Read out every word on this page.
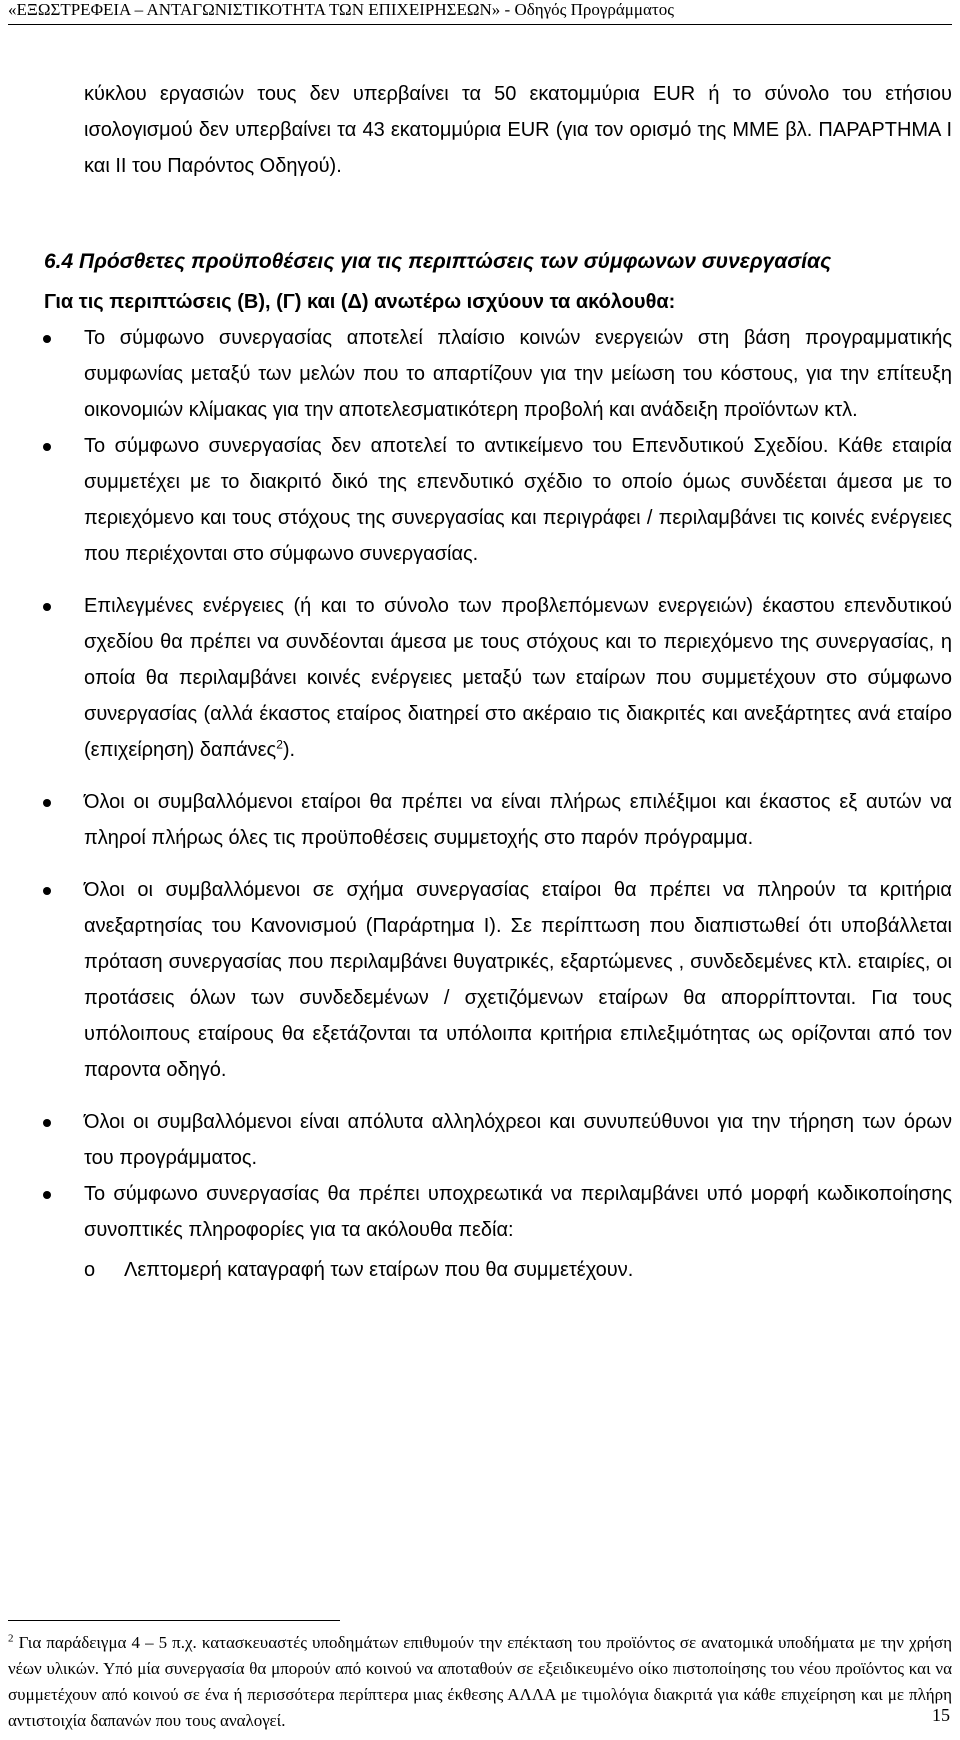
«ΕΞΩΣΤΡΕΦΕΙΑ – ΑΝΤΑΓΩΝΙΣΤΙΚΟΤΗΤΑ ΤΩΝ ΕΠΙΧΕΙΡΗΣΕΩΝ» - Οδηγός Προγράμματος

κύκλου εργασιών τους δεν υπερβαίνει τα 50 εκατομμύρια EUR ή το σύνολο του ετήσιου ισολογισμού δεν υπερβαίνει τα 43 εκατομμύρια EUR (για τον ορισμό της ΜΜΕ βλ. ΠΑΡΑΡΤΗΜΑ Ι και ΙΙ του Παρόντος Οδηγού).

6.4 Πρόσθετες προϋποθέσεις για τις περιπτώσεις των σύμφωνων συνεργασίας
Για τις περιπτώσεις (Β), (Γ) και (Δ) ανωτέρω ισχύουν τα ακόλουθα:
Το σύμφωνο συνεργασίας αποτελεί πλαίσιο κοινών ενεργειών στη βάση προγραμματικής συμφωνίας μεταξύ των μελών που το απαρτίζουν για την μείωση του κόστους, για την επίτευξη οικονομιών κλίμακας για την αποτελεσματικότερη προβολή και ανάδειξη προϊόντων κτλ.
Το σύμφωνο συνεργασίας δεν αποτελεί το αντικείμενο του Επενδυτικού Σχεδίου. Κάθε εταιρία συμμετέχει με το διακριτό δικό της επενδυτικό σχέδιο το οποίο όμως συνδέεται άμεσα με το περιεχόμενο και τους στόχους της συνεργασίας και περιγράφει / περιλαμβάνει τις κοινές ενέργειες που περιέχονται στο σύμφωνο συνεργασίας.
Επιλεγμένες ενέργειες (ή και το σύνολο των προβλεπόμενων ενεργειών) έκαστου επενδυτικού σχεδίου θα πρέπει να συνδέονται άμεσα με τους στόχους και το περιεχόμενο της συνεργασίας, η οποία θα περιλαμβάνει κοινές ενέργειες μεταξύ των εταίρων που συμμετέχουν στο σύμφωνο συνεργασίας (αλλά έκαστος εταίρος διατηρεί στο ακέραιο τις διακριτές και ανεξάρτητες ανά εταίρο (επιχείρηση) δαπάνες$^2$).
Όλοι οι συμβαλλόμενοι εταίροι θα πρέπει να είναι πλήρως επιλέξιμοι και έκαστος εξ αυτών να πληροί πλήρως όλες τις προϋποθέσεις συμμετοχής στο παρόν πρόγραμμα.
Όλοι οι συμβαλλόμενοι σε σχήμα συνεργασίας εταίροι θα πρέπει να πληρούν τα κριτήρια ανεξαρτησίας του Κανονισμού (Παράρτημα Ι). Σε περίπτωση που διαπιστωθεί ότι υποβάλλεται πρόταση συνεργασίας που περιλαμβάνει θυγατρικές, εξαρτώμενες , συνδεδεμένες κτλ. εταιρίες, οι προτάσεις όλων των συνδεδεμένων / σχετιζόμενων εταίρων θα απορρίπτονται. Για τους υπόλοιπους εταίρους θα εξετάζονται τα υπόλοιπα κριτήρια επιλεξιμότητας ως ορίζονται από τον παροντα οδηγό.
Όλοι οι συμβαλλόμενοι είναι απόλυτα αλληλόχρεοι και συνυπεύθυνοι για την τήρηση των όρων του προγράμματος.
Το σύμφωνο συνεργασίας θα πρέπει υποχρεωτικά να περιλαμβάνει υπό μορφή κωδικοποίησης συνοπτικές πληροφορίες για τα ακόλουθα πεδία:
o Λεπτομερή καταγραφή των εταίρων που θα συμμετέχουν.
$^2$ Για παράδειγμα 4 – 5 π.χ. κατασκευαστές υποδημάτων επιθυμούν την επέκταση του προϊόντος σε ανατομικά υποδήματα με την χρήση νέων υλικών. Υπό μία συνεργασία θα μπορούν από κοινού να αποταθούν σε εξειδικευμένο οίκο πιστοποίησης του νέου προϊόντος και να συμμετέχουν από κοινού σε ένα ή περισσότερα περίπτερα μιας έκθεσης ΑΛΛΑ με τιμολόγια διακριτά για κάθε επιχείρηση και με πλήρη αντιστοιχία δαπανών που τους αναλογεί.	15
